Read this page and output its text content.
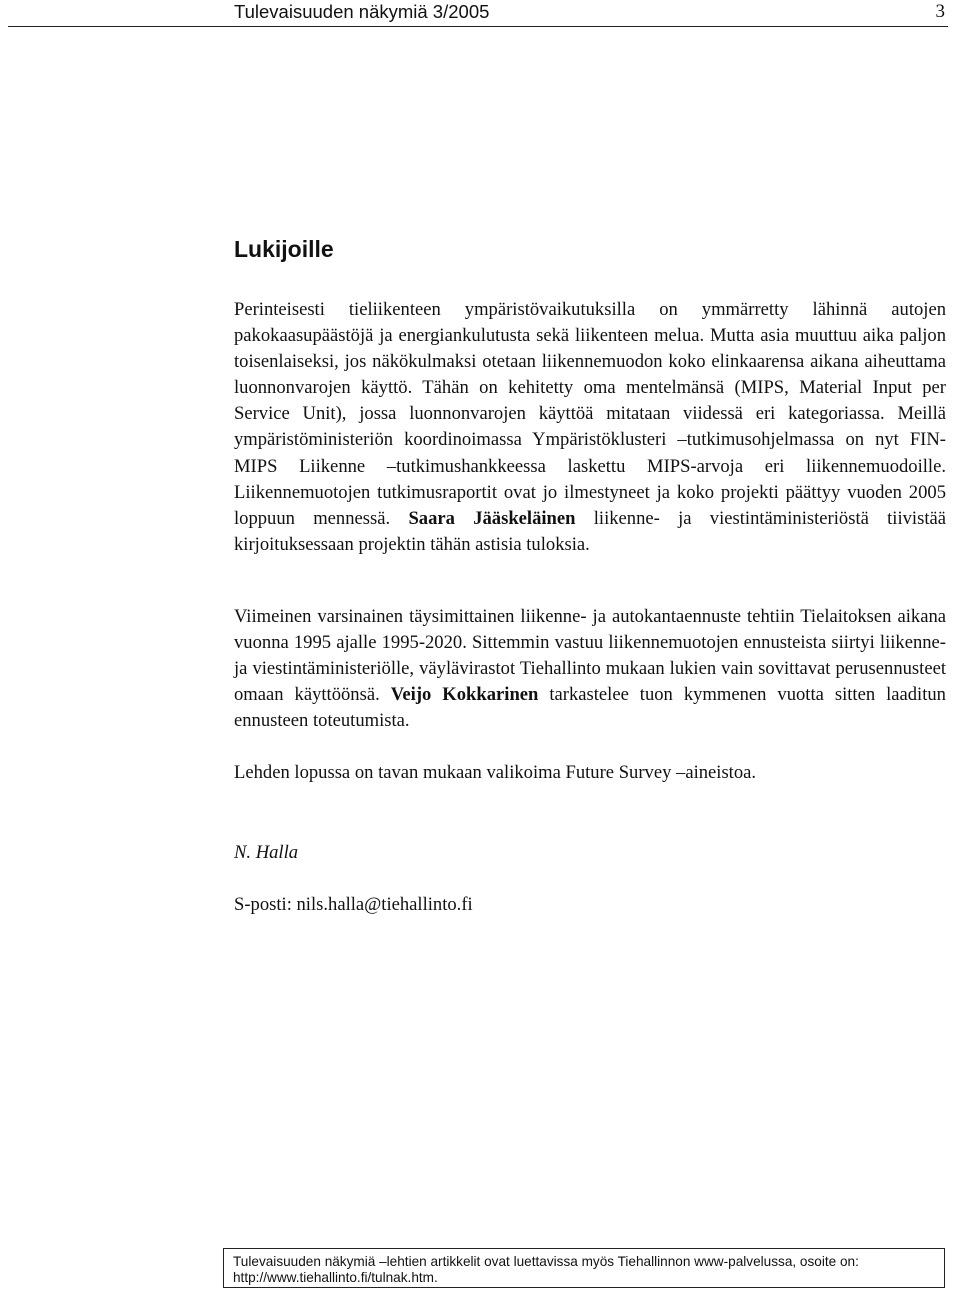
Tulevaisuuden näkymiä 3/2005	3
Lukijoille

Perinteisesti tieliikenteen ympäristövaikutuksilla on ymmärretty lähinnä autojen pakokaasupäästöjä ja energiankulutusta sekä liikenteen melua. Mutta asia muuttuu aika paljon toisenlaiseksi, jos näkökulmaksi otetaan liikennemuodon koko elinkaarensa aikana aiheuttama luonnonvarojen käyttö. Tähän on kehitetty oma mentelmänsä (MIPS, Material Input per Service Unit), jossa luonnonvarojen käyttöä mitataan viidessä eri kategoriassa. Meillä ympäristöministeriön koordinoimassa Ympäristöklusteri –tutkimusohjelmassa on nyt FIN-MIPS Liikenne –tutkimushankkeessa laskettu MIPS-arvoja eri liikennemuodoille. Liikennemuotojen tutkimusraportit ovat jo ilmestyneet ja koko projekti päättyy vuoden 2005 loppuun mennessä. Saara Jääskeläinen liikenne- ja viestintäministeriöstä tiivistää kirjoituksessaan projektin tähän astisia tuloksia.

Viimeinen varsinainen täysimittainen liikenne- ja autokantaennuste tehtiin Tielaitoksen aikana vuonna 1995 ajalle 1995-2020. Sittemmin vastuu liikennemuotojen ennusteista siirtyi liikenne- ja viestintäministeriölle, väylävirastot Tiehallinto mukaan lukien vain sovittavat perusennusteet omaan käyttöönsä. Veijo Kokkarinen tarkastelee tuon kymmenen vuotta sitten laaditun ennusteen toteutumista.

Lehden lopussa on tavan mukaan valikoima Future Survey –aineistoa.

N. Halla

S-posti: nils.halla@tiehallinto.fi

Tulevaisuuden näkymiä –lehtien artikkelit ovat luettavissa myös Tiehallinnon www-palvelussa, osoite on:
http://www.tiehallinto.fi/tulnak.htm.
